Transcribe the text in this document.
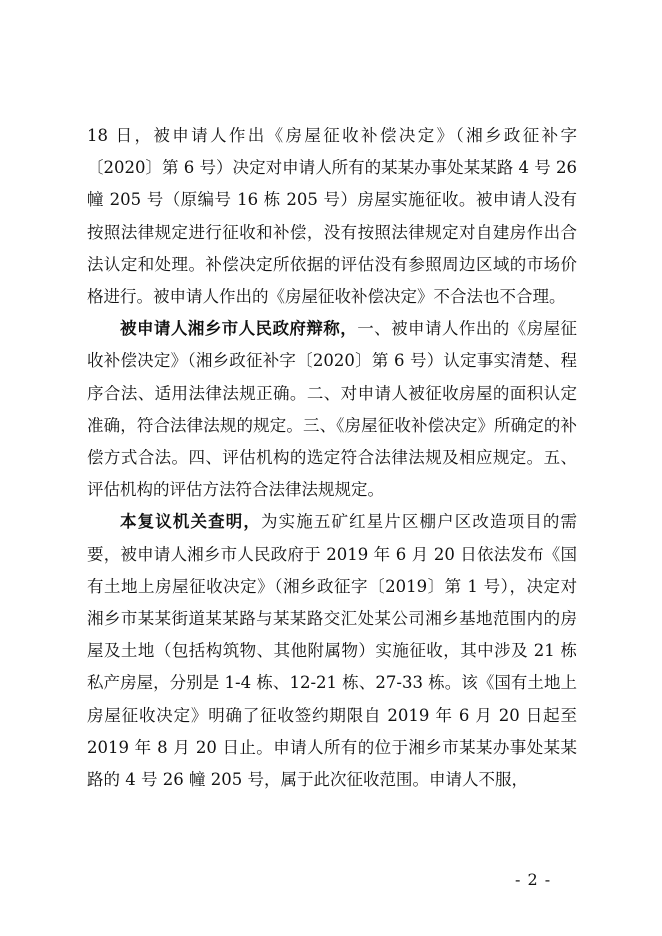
18 日，被申请人作出《房屋征收补偿决定》（湘乡政征补字〔2020〕第 6 号）决定对申请人所有的某某办事处某某路 4 号 26 幢 205 号（原编号 16 栋 205 号）房屋实施征收。被申请人没有按照法律规定进行征收和补偿，没有按照法律规定对自建房作出合法认定和处理。补偿决定所依据的评估没有参照周边区域的市场价格进行。被申请人作出的《房屋征收补偿决定》不合法也不合理。

被申请人湘乡市人民政府辩称，一、被申请人作出的《房屋征收补偿决定》（湘乡政征补字〔2020〕第 6 号）认定事实清楚、程序合法、适用法律法规正确。二、对申请人被征收房屋的面积认定准确，符合法律法规的规定。三、《房屋征收补偿决定》所确定的补偿方式合法。四、评估机构的选定符合法律法规及相应规定。五、评估机构的评估方法符合法律法规规定。

本复议机关查明，为实施五矿红星片区棚户区改造项目的需要，被申请人湘乡市人民政府于 2019 年 6 月 20 日依法发布《国有土地上房屋征收决定》（湘乡政征字〔2019〕第 1 号），决定对湘乡市某某街道某某路与某某路交汇处某公司湘乡基地范围内的房屋及土地（包括构筑物、其他附属物）实施征收，其中涉及 21 栋私产房屋，分别是 1-4 栋、12-21 栋、27-33 栋。该《国有土地上房屋征收决定》明确了征收签约期限自 2019 年 6 月 20 日起至 2019 年 8 月 20 日止。申请人所有的位于湘乡市某某办事处某某路的 4 号 26 幢 205 号，属于此次征收范围。申请人不服，

- 2 -
